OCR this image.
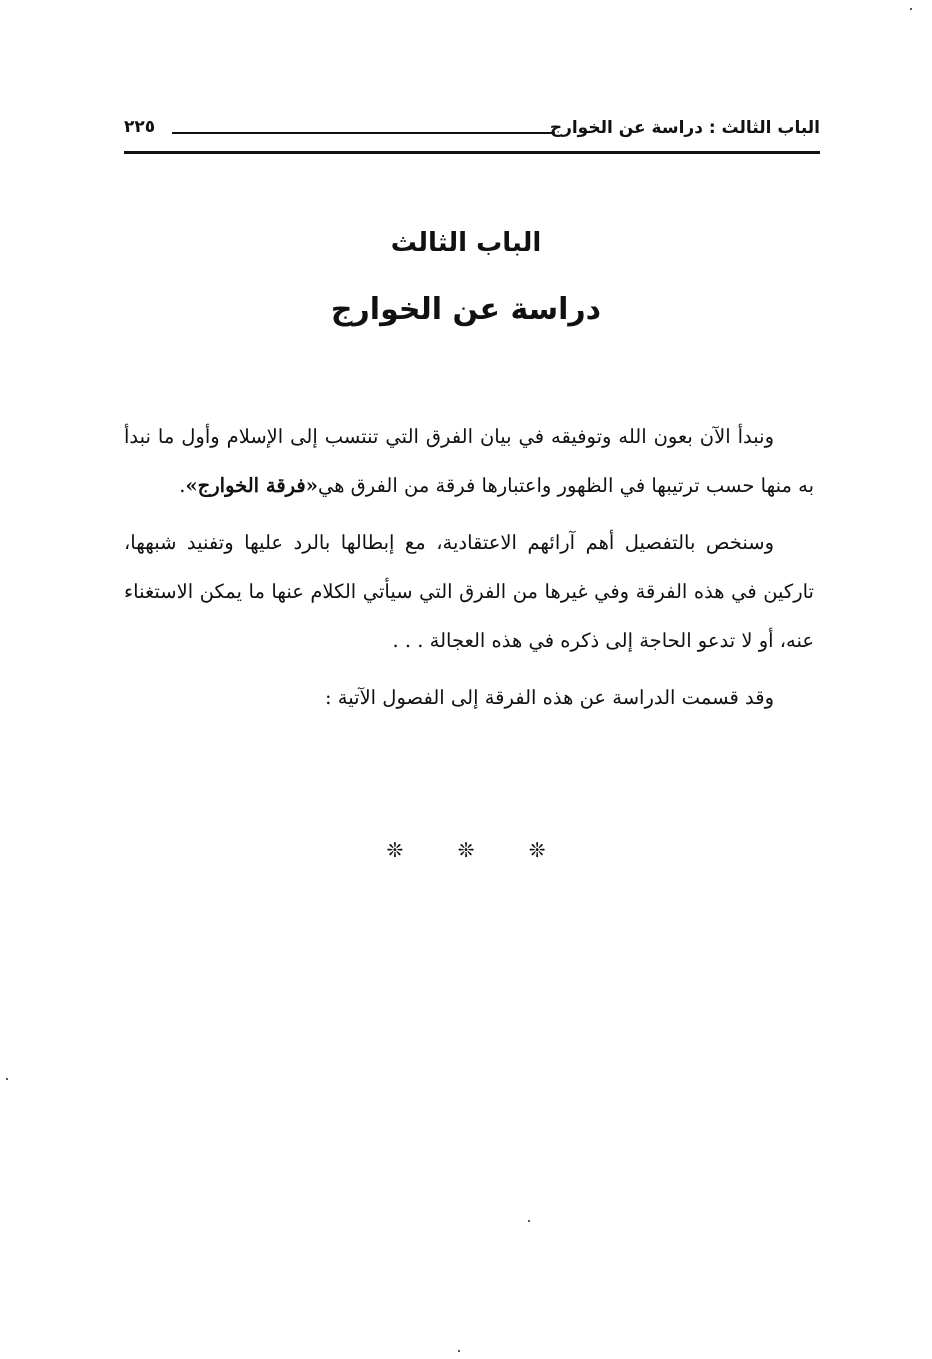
الباب الثالث : دراسة عن الخوارج
٢٢٥
الباب الثالث
دراسة عن الخوارج

ونبدأ الآن بعون الله وتوفيقه في بيان الفرق التي تنتسب إلى الإسلام وأول ما نبدأ به منها حسب ترتيبها في الظهور واعتبارها فرقة من الفرق هي«فرقة الخوارج».

وسنخص بالتفصيل أهم آرائهم الاعتقادية، مع إبطالها بالرد عليها وتفنيد شبهها، تاركين في هذه الفرقة وفي غيرها من الفرق التي سيأتي الكلام عنها ما يمكن الاستغناء عنه، أو لا تدعو الحاجة إلى ذكره في هذه العجالة . . .

وقد قسمت الدراسة عن هذه الفرقة إلى الفصول الآتية :

❊	❊	❊
